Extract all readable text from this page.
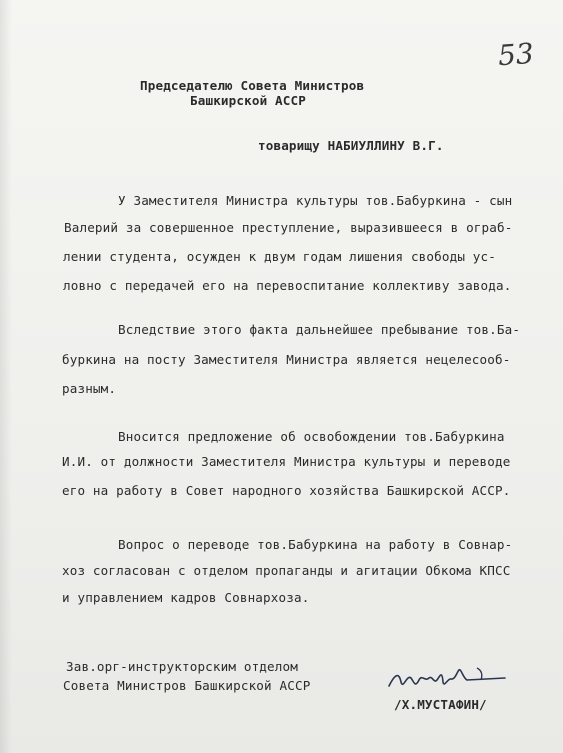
53
Председателю Совета Министров
Башкирской АССР
товарищу НАБИУЛЛИНУ В.Г.
У Заместителя Министра культуры тов.Бабуркина - сын
Валерий за совершенное преступление, выразившееся в ограб-
лении студента, осужден к двум годам лишения свободы ус-
ловно с передачей его на перевоспитание коллективу завода.
Вследствие этого факта дальнейшее пребывание тов.Ба-
буркина на посту Заместителя Министра является нецелесооб-
разным.
Вносится предложение об освобождении тов.Бабуркина
И.И. от должности Заместителя Министра культуры и переводе
его на работу в Совет народного хозяйства Башкирской АССР.
Вопрос о переводе тов.Бабуркина на работу в Совнар-
хоз согласован с отделом пропаганды и агитации Обкома КПСС
и управлением кадров Совнархоза.
Зав.орг-инструкторским отделом
Совета Министров Башкирской АССР
/Х.МУСТАФИН/
